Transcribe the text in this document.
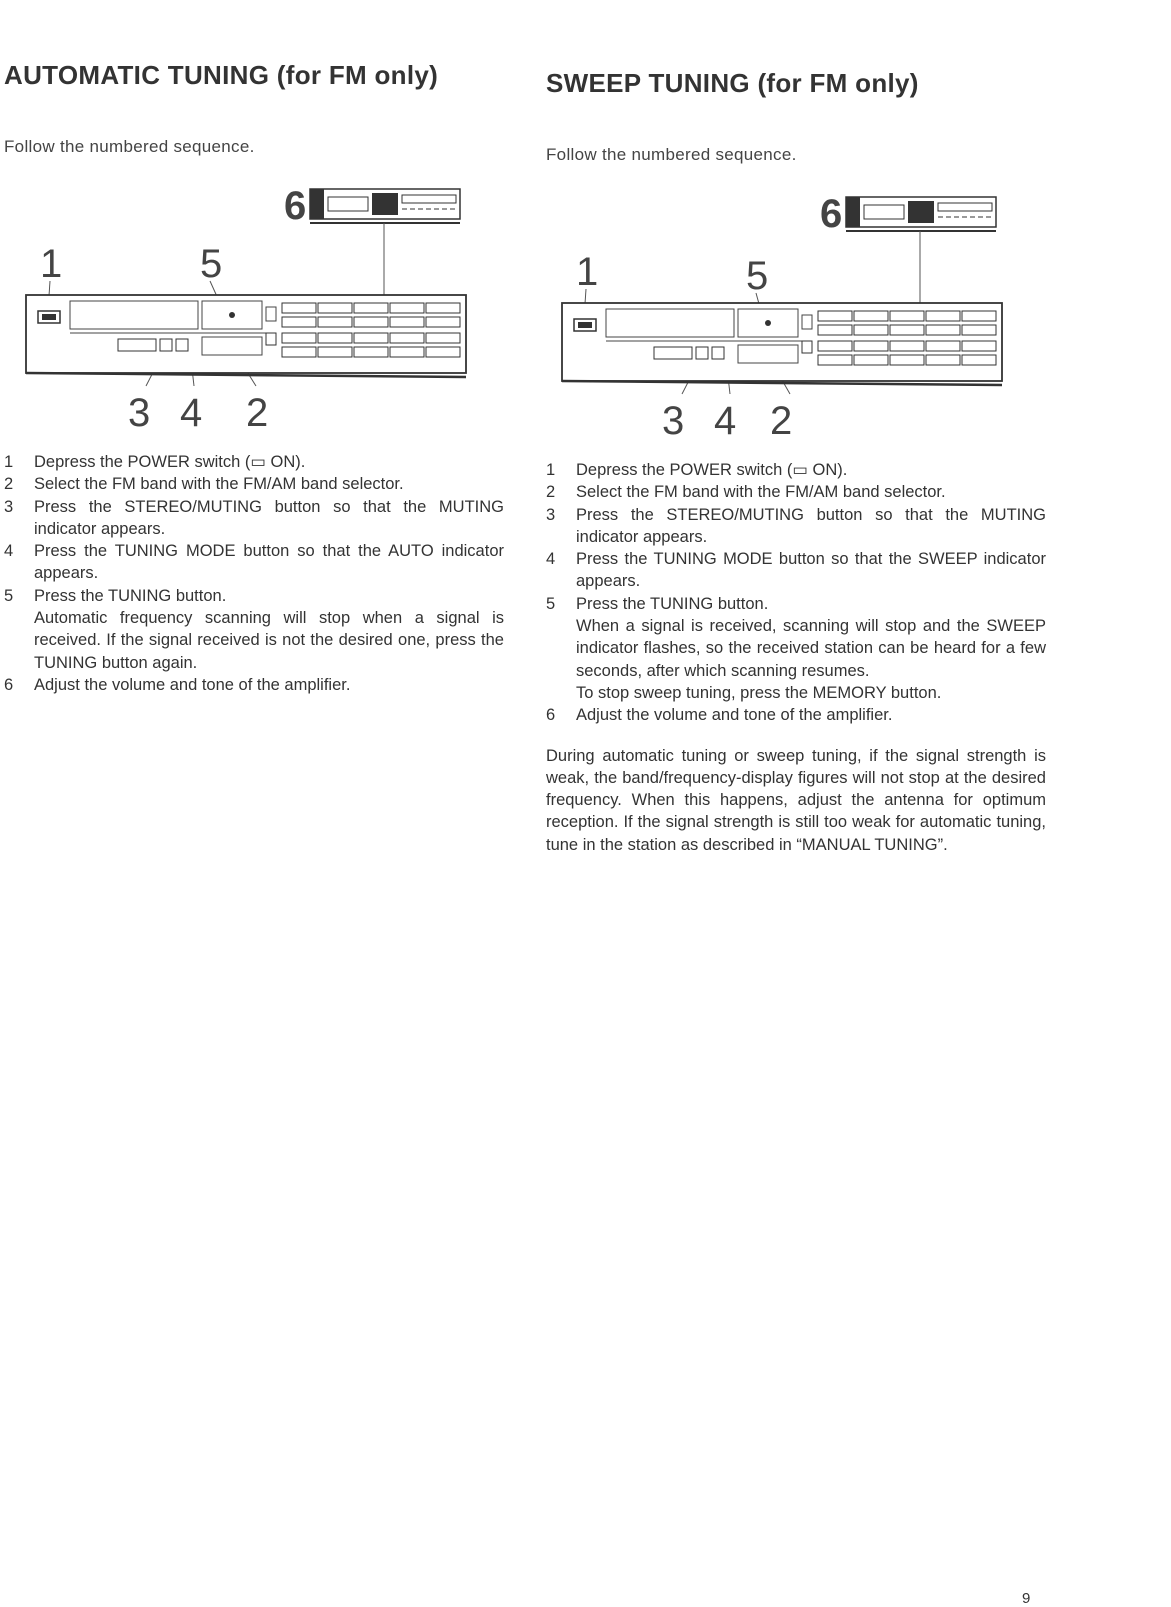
AUTOMATIC TUNING (for FM only)

Follow the numbered sequence.

6
1	5
3 4 2
1 Depress the POWER switch (▭ ON).
2 Select the FM band with the FM/AM band selector.
3 Press the STEREO/MUTING button so that the MUTING indicator appears.
4 Press the TUNING MODE button so that the AUTO indicator appears.
5 Press the TUNING button.
Automatic frequency scanning will stop when a signal is received. If the signal received is not the desired one, press the TUNING button again.
6 Adjust the volume and tone of the amplifier.
SWEEP TUNING (for FM only)

Follow the numbered sequence.

6
1	5
3 4 2
1 Depress the POWER switch (▭ ON).
2 Select the FM band with the FM/AM band selector.
3 Press the STEREO/MUTING button so that the MUTING indicator appears.
4 Press the TUNING MODE button so that the SWEEP indicator appears.
5 Press the TUNING button.
When a signal is received, scanning will stop and the SWEEP indicator flashes, so the received station can be heard for a few seconds, after which scanning resumes.
To stop sweep tuning, press the MEMORY button.
6 Adjust the volume and tone of the amplifier.

During automatic tuning or sweep tuning, if the signal strength is weak, the band/frequency-display figures will not stop at the desired frequency. When this happens, adjust the antenna for optimum reception. If the signal strength is still too weak for automatic tuning, tune in the station as described in “MANUAL TUNING”.

9
